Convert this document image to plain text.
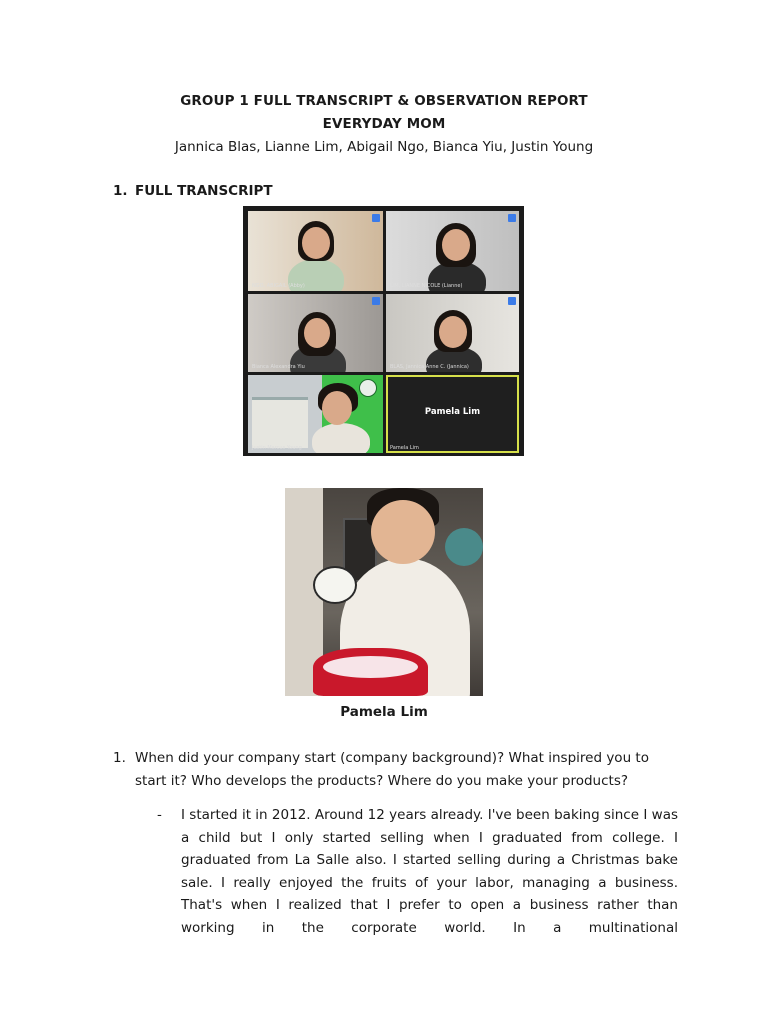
GROUP 1 FULL TRANSCRIPT & OBSERVATION REPORT
EVERYDAY MOM
Jannica Blas, Lianne Lim, Abigail Ngo, Bianca Yiu, Justin Young
1. FULL TRANSCRIPT
NGO, ABIGAIL (Abby)	LIM, LIANNE NICOLE (Lianne)
Bianca Alexandra Yiu	BLAS, Jannica Anne C. (Jannica)
Justin Marcus Young
Pamela Lim
Pamela Lim
Pamela Lim
1. When did your company start (company background)? What inspired you to start it? Who develops the products? Where do you make your products?
- I started it in 2012. Around 12 years already. I've been baking since I was a child but I only started selling when I graduated from college. I graduated from La Salle also. I started selling during a Christmas bake sale. I really enjoyed the fruits of your labor, managing a business. That's when I realized that I prefer to open a business rather than working in the corporate world. In a multinational
